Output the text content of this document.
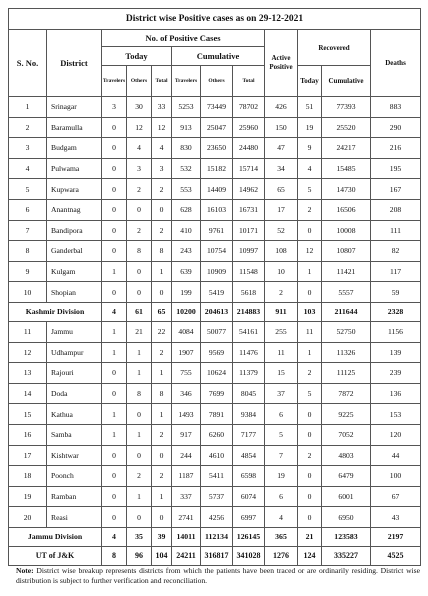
District wise Positive cases as on 29-12-2021											
S. No.	District	No. of Positive Cases						Active Positive	Recovered		Deaths
		Today			Cumulative						
		Travelers	Others	Total	Travelers	Others	Total		Today	Cumulative	
1	Srinagar	3	30	33	5253	73449	78702	426	51	77393	883
2	Baramulla	0	12	12	913	25047	25960	150	19	25520	290
3	Budgam	0	4	4	830	23650	24480	47	9	24217	216
4	Pulwama	0	3	3	532	15182	15714	34	4	15485	195
5	Kupwara	0	2	2	553	14409	14962	65	5	14730	167
6	Anantnag	0	0	0	628	16103	16731	17	2	16506	208
7	Bandipora	0	2	2	410	9761	10171	52	0	10008	111
8	Ganderbal	0	8	8	243	10754	10997	108	12	10807	82
9	Kulgam	1	0	1	639	10909	11548	10	1	11421	117
10	Shopian	0	0	0	199	5419	5618	2	0	5557	59
Kashmir Division		4	61	65	10200	204613	214883	911	103	211644	2328
11	Jammu	1	21	22	4084	50077	54161	255	11	52750	1156
12	Udhampur	1	1	2	1907	9569	11476	11	1	11326	139
13	Rajouri	0	1	1	755	10624	11379	15	2	11125	239
14	Doda	0	8	8	346	7699	8045	37	5	7872	136
15	Kathua	1	0	1	1493	7891	9384	6	0	9225	153
16	Samba	1	1	2	917	6260	7177	5	0	7052	120
17	Kishtwar	0	0	0	244	4610	4854	7	2	4803	44
18	Poonch	0	2	2	1187	5411	6598	19	0	6479	100
19	Ramban	0	1	1	337	5737	6074	6	0	6001	67
20	Reasi	0	0	0	2741	4256	6997	4	0	6950	43
Jammu Division		4	35	39	14011	112134	126145	365	21	123583	2197
UT of J&K		8	96	104	24211	316817	341028	1276	124	335227	4525
Note: District wise breakup represents districts from which the patients have been traced or are ordinarily residing. District wise distribution is subject to further verification and reconciliation.
